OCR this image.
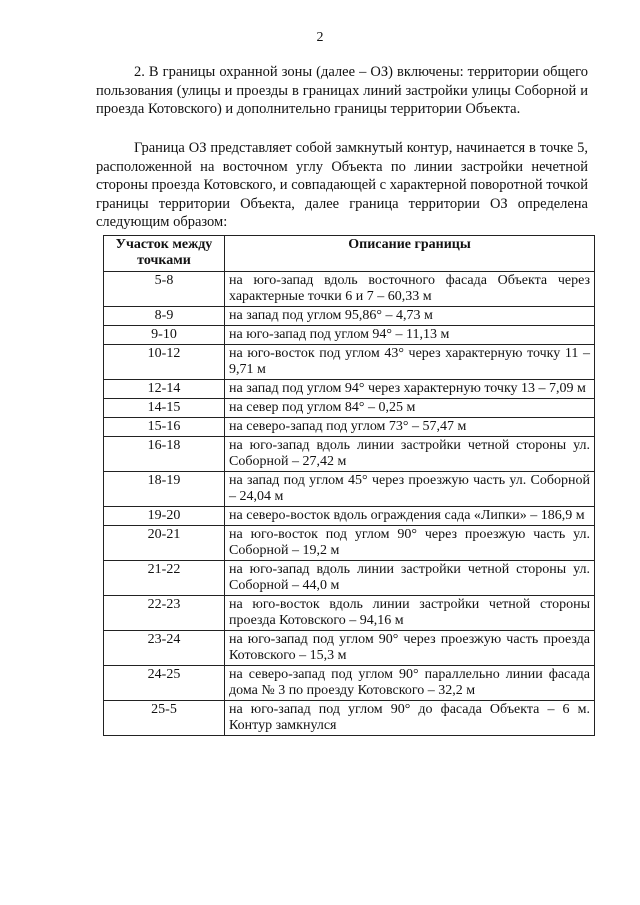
2

2. В границы охранной зоны (далее – ОЗ) включены: территории общего пользования (улицы и проезды в границах линий застройки улицы Соборной и проезда Котовского) и дополнительно границы территории Объекта.

Граница ОЗ представляет собой замкнутый контур, начинается в точке 5, расположенной на восточном углу Объекта по линии застройки нечетной стороны проезда Котовского, и совпадающей с характерной поворотной точкой границы территории Объекта, далее граница территории ОЗ определена следующим образом:

Участок между точками	Описание границы
5-8	на юго-запад вдоль восточного фасада Объекта через характерные точки 6 и 7 – 60,33 м
8-9	на запад под углом 95,86° – 4,73 м
9-10	на юго-запад под углом 94° – 11,13 м
10-12	на юго-восток под углом 43° через характерную точку 11 – 9,71 м
12-14	на запад под углом 94° через характерную точку 13 – 7,09 м
14-15	на север под углом 84° – 0,25 м
15-16	на северо-запад под углом 73° – 57,47 м
16-18	на юго-запад вдоль линии застройки четной стороны ул. Соборной – 27,42 м
18-19	на запад под углом 45° через проезжую часть ул. Соборной – 24,04 м
19-20	на северо-восток вдоль ограждения сада «Липки» – 186,9 м
20-21	на юго-восток под углом 90° через проезжую часть ул. Соборной – 19,2 м
21-22	на юго-запад вдоль линии застройки четной стороны ул. Соборной – 44,0 м
22-23	на юго-восток вдоль линии застройки четной стороны проезда Котовского – 94,16 м
23-24	на юго-запад под углом 90° через проезжую часть проезда Котовского – 15,3 м
24-25	на северо-запад под углом 90° параллельно линии фасада дома № 3 по проезду Котовского – 32,2 м
25-5	на юго-запад под углом 90° до фасада Объекта – 6 м. Контур замкнулся
